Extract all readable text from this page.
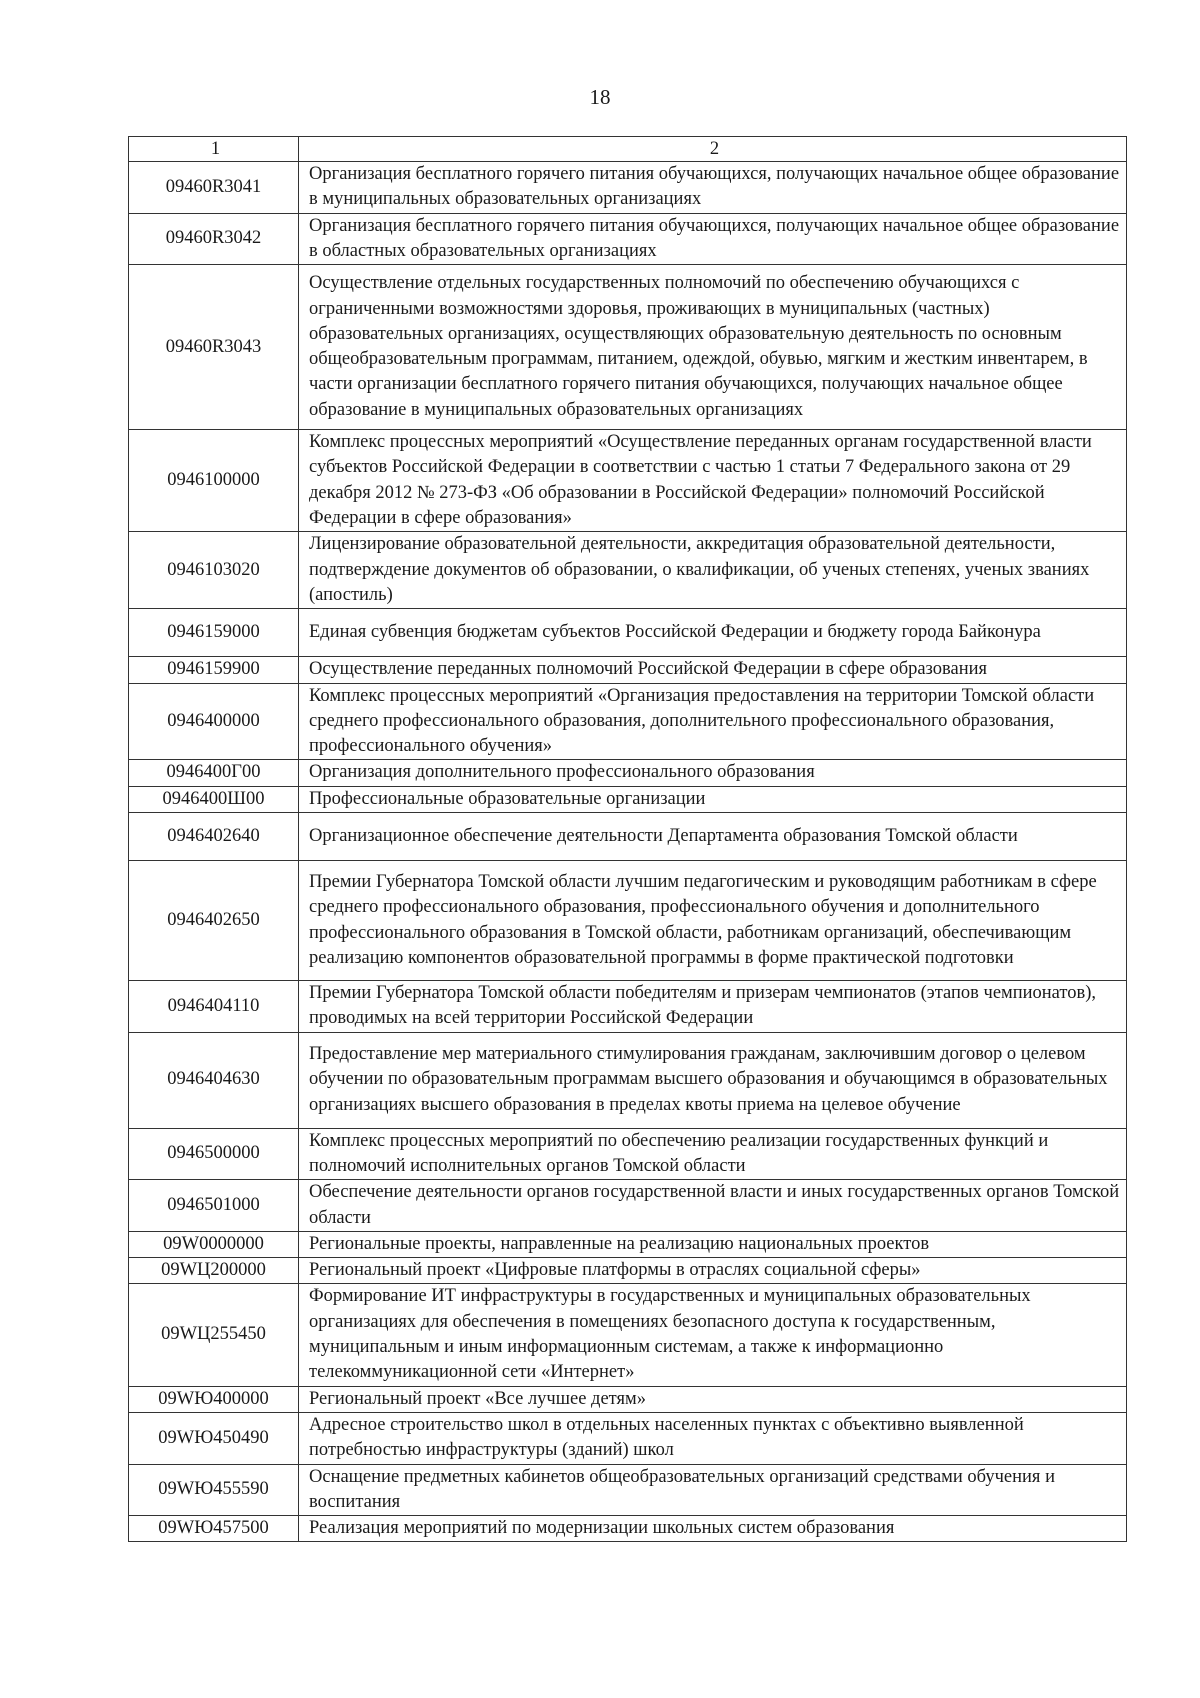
18
1	2
09460R3041	Организация бесплатного горячего питания обучающихся, получающих начальное общее образование в муниципальных образовательных организациях
09460R3042	Организация бесплатного горячего питания обучающихся, получающих начальное общее образование в областных образовательных организациях
09460R3043	Осуществление отдельных государственных полномочий по обеспечению обучающихся с ограниченными возможностями здоровья, проживающих в муниципальных (частных) образовательных организациях, осуществляющих образовательную деятельность по основным общеобразовательным программам, питанием, одеждой, обувью, мягким и жестким инвентарем, в части организации бесплатного горячего питания обучающихся, получающих начальное общее образование в муниципальных образовательных организациях
0946100000	Комплекс процессных мероприятий «Осуществление переданных органам государственной власти субъектов Российской Федерации в соответствии с частью 1 статьи 7 Федерального закона от 29 декабря 2012 № 273-ФЗ «Об образовании в Российской Федерации» полномочий Российской Федерации в сфере образования»
0946103020	Лицензирование образовательной деятельности, аккредитация образовательной деятельности, подтверждение документов об образовании, о квалификации, об ученых степенях, ученых званиях (апостиль)
0946159000	Единая субвенция бюджетам субъектов Российской Федерации и бюджету города Байконура
0946159900	Осуществление переданных полномочий Российской Федерации в сфере образования
0946400000	Комплекс процессных мероприятий «Организация предоставления на территории Томской области среднего профессионального образования, дополнительного профессионального образования, профессионального обучения»
0946400Г00	Организация дополнительного профессионального образования
0946400Ш00	Профессиональные образовательные организации
0946402640	Организационное обеспечение деятельности Департамента образования Томской области
0946402650	Премии Губернатора Томской области лучшим педагогическим и руководящим работникам в сфере среднего профессионального образования, профессионального обучения и дополнительного профессионального образования в Томской области, работникам организаций, обеспечивающим реализацию компонентов образовательной программы в форме практической подготовки
0946404110	Премии Губернатора Томской области победителям и призерам чемпионатов (этапов чемпионатов), проводимых на всей территории Российской Федерации
0946404630	Предоставление мер материального стимулирования гражданам, заключившим договор о целевом обучении по образовательным программам высшего образования и обучающимся в образовательных организациях высшего образования в пределах квоты приема на целевое обучение
0946500000	Комплекс процессных мероприятий по обеспечению реализации государственных функций и полномочий исполнительных органов Томской области
0946501000	Обеспечение деятельности органов государственной власти и иных государственных органов Томской области
09W0000000	Региональные проекты, направленные на реализацию национальных проектов
09WЦ200000	Региональный проект «Цифровые платформы в отраслях социальной сферы»
09WЦ255450	Формирование ИТ инфраструктуры в государственных и муниципальных образовательных организациях для обеспечения в помещениях безопасного доступа к государственным, муниципальным и иным информационным системам, а также к информационно телекоммуникационной сети «Интернет»
09WЮ400000	Региональный проект «Все лучшее детям»
09WЮ450490	Адресное строительство школ в отдельных населенных пунктах с объективно выявленной потребностью инфраструктуры (зданий) школ
09WЮ455590	Оснащение предметных кабинетов общеобразовательных организаций средствами обучения и воспитания
09WЮ457500	Реализация мероприятий по модернизации школьных систем образования
